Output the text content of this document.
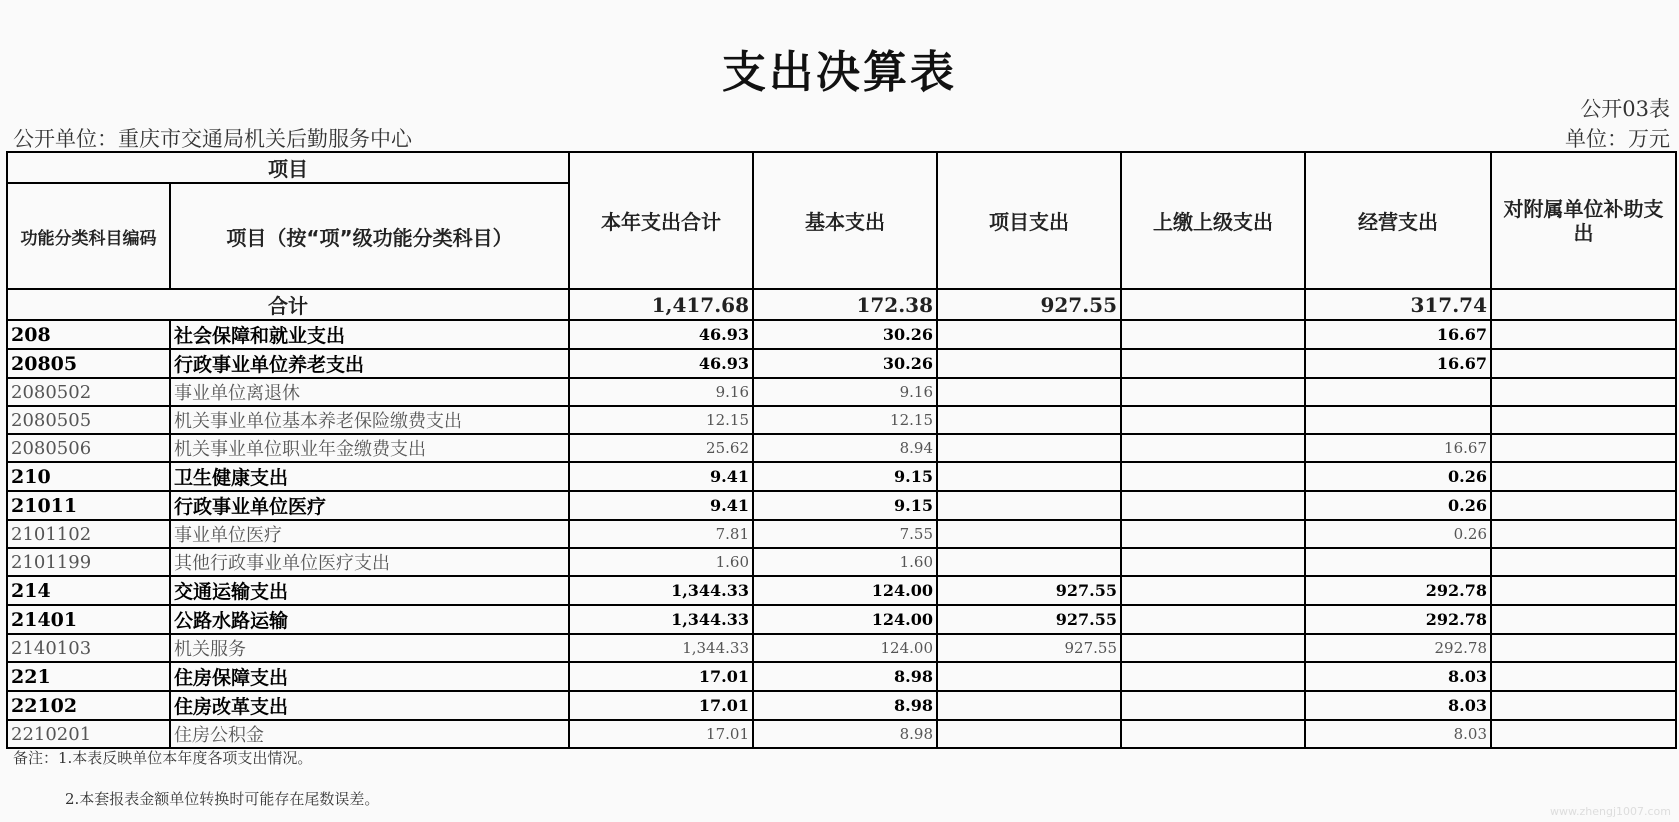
支出决算表
公开03表
公开单位：重庆市交通局机关后勤服务中心	单位：万元
项目		本年支出合计	基本支出	项目支出	上缴上级支出	经营支出	对附属单位补助支出
功能分类科目编码	项目（按“项”级功能分类科目）						
合计		1,417.68	172.38	927.55		317.74	
208	社会保障和就业支出	46.93	30.26			16.67	
20805	行政事业单位养老支出	46.93	30.26			16.67	
2080502	事业单位离退休	9.16	9.16				
2080505	机关事业单位基本养老保险缴费支出	12.15	12.15				
2080506	机关事业单位职业年金缴费支出	25.62	8.94			16.67	
210	卫生健康支出	9.41	9.15			0.26	
21011	行政事业单位医疗	9.41	9.15			0.26	
2101102	事业单位医疗	7.81	7.55			0.26	
2101199	其他行政事业单位医疗支出	1.60	1.60				
214	交通运输支出	1,344.33	124.00	927.55		292.78	
21401	公路水路运输	1,344.33	124.00	927.55		292.78	
2140103	机关服务	1,344.33	124.00	927.55		292.78	
221	住房保障支出	17.01	8.98			8.03	
22102	住房改革支出	17.01	8.98			8.03	
2210201	住房公积金	17.01	8.98			8.03	
备注：1.本表反映单位本年度各项支出情况。
2.本套报表金额单位转换时可能存在尾数误差。
www.zhengj1007.com
